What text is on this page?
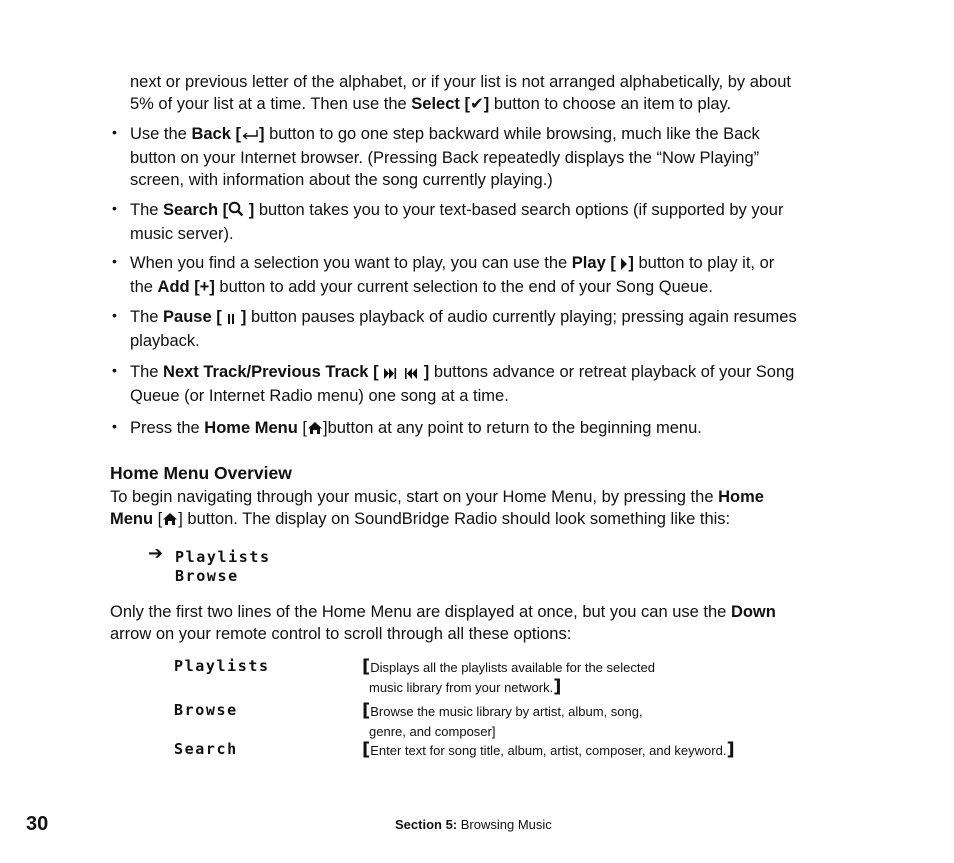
next or previous letter of the alphabet, or if your list is not arranged alphabetically, by about
5% of your list at a time. Then use the Select [✔] button to choose an item to play.
• Use the Back [ ] button to go one step backward while browsing, much like the Back
button on your Internet browser. (Pressing Back repeatedly displays the “Now Playing”
screen, with information about the song currently playing.)
• The Search [ ] button takes you to your text-based search options (if supported by your
music server).
• When you find a selection you want to play, you can use the Play [ ] button to play it, or
the Add [+] button to add your current selection to the end of your Song Queue.
• The Pause [  ] button pauses playback of audio currently playing; pressing again resumes
playback.
• The Next Track/Previous Track [  ] buttons advance or retreat playback of your Song
Queue (or Internet Radio menu) one song at a time.
• Press the Home Menu [ ]button at any point to return to the beginning menu.
Home Menu Overview
To begin navigating through your music, start on your Home Menu, by pressing the Home
Menu [ ] button. The display on SoundBridge Radio should look something like this:
➔ Playlists
Browse
Only the first two lines of the Home Menu are displayed at once, but you can use the Down
arrow on your remote control to scroll through all these options:
Playlists	[Displays all the playlists available for the selected
music library from your network.]
Browse	[Browse the music library by artist, album, song,
genre, and composer]
Search	[Enter text for song title, album, artist, composer, and keyword.]
30	Section 5: Browsing Music
